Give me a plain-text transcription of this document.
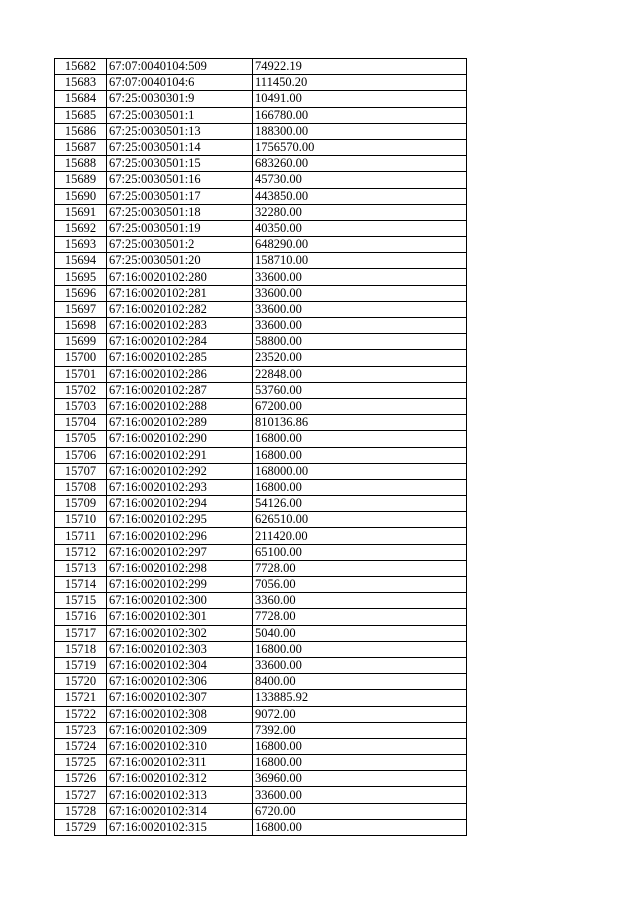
15682	67:07:0040104:509	74922.19
15683	67:07:0040104:6	111450.20
15684	67:25:0030301:9	10491.00
15685	67:25:0030501:1	166780.00
15686	67:25:0030501:13	188300.00
15687	67:25:0030501:14	1756570.00
15688	67:25:0030501:15	683260.00
15689	67:25:0030501:16	45730.00
15690	67:25:0030501:17	443850.00
15691	67:25:0030501:18	32280.00
15692	67:25:0030501:19	40350.00
15693	67:25:0030501:2	648290.00
15694	67:25:0030501:20	158710.00
15695	67:16:0020102:280	33600.00
15696	67:16:0020102:281	33600.00
15697	67:16:0020102:282	33600.00
15698	67:16:0020102:283	33600.00
15699	67:16:0020102:284	58800.00
15700	67:16:0020102:285	23520.00
15701	67:16:0020102:286	22848.00
15702	67:16:0020102:287	53760.00
15703	67:16:0020102:288	67200.00
15704	67:16:0020102:289	810136.86
15705	67:16:0020102:290	16800.00
15706	67:16:0020102:291	16800.00
15707	67:16:0020102:292	168000.00
15708	67:16:0020102:293	16800.00
15709	67:16:0020102:294	54126.00
15710	67:16:0020102:295	626510.00
15711	67:16:0020102:296	211420.00
15712	67:16:0020102:297	65100.00
15713	67:16:0020102:298	7728.00
15714	67:16:0020102:299	7056.00
15715	67:16:0020102:300	3360.00
15716	67:16:0020102:301	7728.00
15717	67:16:0020102:302	5040.00
15718	67:16:0020102:303	16800.00
15719	67:16:0020102:304	33600.00
15720	67:16:0020102:306	8400.00
15721	67:16:0020102:307	133885.92
15722	67:16:0020102:308	9072.00
15723	67:16:0020102:309	7392.00
15724	67:16:0020102:310	16800.00
15725	67:16:0020102:311	16800.00
15726	67:16:0020102:312	36960.00
15727	67:16:0020102:313	33600.00
15728	67:16:0020102:314	6720.00
15729	67:16:0020102:315	16800.00
